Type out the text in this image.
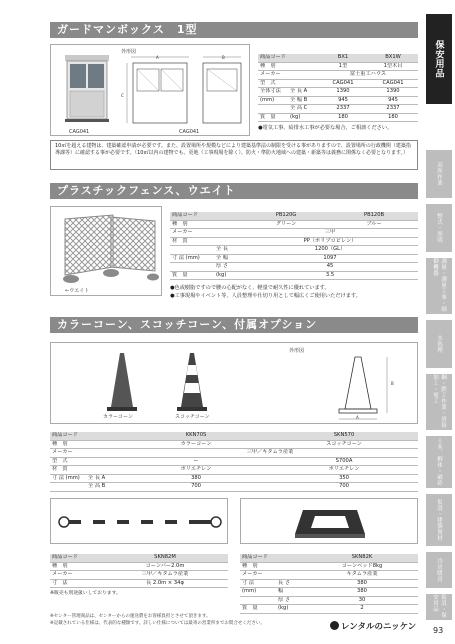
ガードマンボックス　1型
外形図
A	B
C
CAG041	CAG041
商品コード		BX1	BX1W
種　別		1型	1型木目
メーカー		富士重工ハウス	
型　式		CAG041	CAG041
全体寸法	全 長 A	1390	1390
(mm)	全 幅 B	945	945
	全 高 C	2337	2337
質　量	(kg)	180	180
●電気工事、給排水工事が必要な場合、ご相談ください。
10㎡を超える建物は、建築確認申請が必要です。また、設置場所や規模などにより建築基準法の制限を受ける事がありますので、設置場所の行政機関（建築指導課等）に確認する事が必要です。（10㎡以内の建物でも、更地（工事現場を除く）、防火・準防火地域への建築・新築等は義務に関係なく必要となります。）
プラスチックフェンス、ウエイト
←ウエイト
商品コード		PB120G	PB120B
種　別		グリーン	ブルー
メーカー		三甲	
材　質		PP（ポリプロピレン）	
	全 長	1200（GL）	
寸 法 (mm)	全 幅	1097	
	厚 さ	45	
質　量	(kg)	3.5	
●色或樹脂ですので腰の心配がなく、軽量で耐久性に優れています。
●工事現場やイベント等、人員整理や仕切り用として幅広くご使用いただけます。
カラーコーン、スコッチコーン、付属オプション
カラーコーン	スコッチコーン
外形図
B
A
商品コード		KKN70S	SKN570
種　別		カラーコーン	スコッチコーン
メーカー		三甲／キタムラ産業	
型　式		ー	S700A
材　質		ポリエチレン	ポリエチレン
寸 法 (mm)	全 長 A	380	350
	全 高 B	700	700
商品コード	SKN82M
種　別	コーンバー2.0m
メーカー	三甲／キタムラ産業
寸　法	長 2.0m × 34φ
※販売も別途扱いしております。
商品コード		SKN82K
種　別		コーンベッド8kg
メーカー		キタムラ産業
寸 法	長 さ	380
(mm)	幅	380
	厚 さ	30
質　量	(kg)	2
※センター管理商品は、センターからの運送費をお客様負担とさせて頂きます。
※記載されている仕様は、代表的な種類です。詳しい仕様については最寄の営業所までお問合せください。	レンタルのニッケン
保安用品
高所作業
整式・照明
測量・測量工事・制御機器
水処理
鋼・鉄工作業・溶接加工・電工
土木、解体・破砕
仮設・建築資材
冷房暖房
仮設・保安用品
93
